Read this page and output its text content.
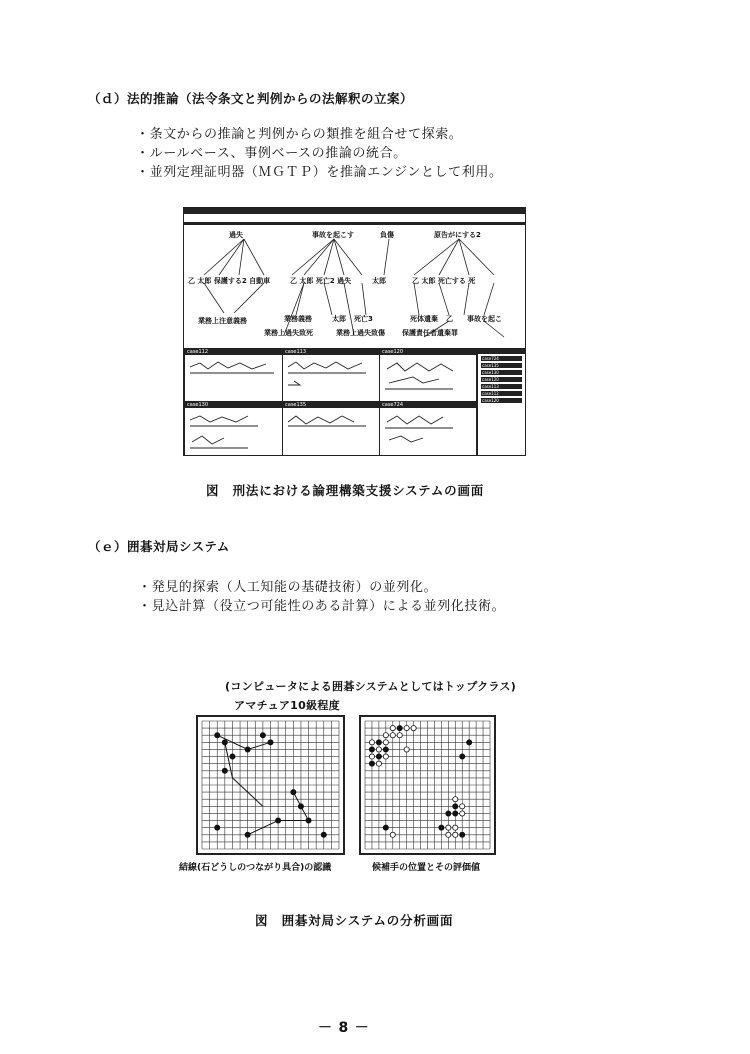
（ｄ）法的推論（法令条文と判例からの法解釈の立案）
・条文からの推論と判例からの類推を組合せて探索。
・ルールベース、事例ベースの推論の統合。
・並列定理証明器（ＭＧＴＰ）を推論エンジンとして利用。
過失	事故を起こす	負傷	原告がにする2
乙 太郎 保護する2 自動車	乙 太郎 死亡2 過失	太郎	乙 太郎 死亡する 死
業務上注意義務
業務上過失致死	業務上過失致傷 保護責任者遺棄罪
業務義務	太郎 死亡3	死体遺棄 乙 事故を起こ
case112	case113	case120
case130	case135	case724
case724
case135
case130
case120
case113
case112
case120
図　刑法における論理構築支援システムの画面
（ｅ）囲碁対局システム
・発見的探索（人工知能の基礎技術）の並列化。
・見込計算（役立つ可能性のある計算）による並列化技術。
(コンピュータによる囲碁システムとしてはトップクラス)
アマチュア10級程度
結線(石どうしのつながり具合)の認識	候補手の位置とその評価値
図　囲碁対局システムの分析画面
－ 8 －
